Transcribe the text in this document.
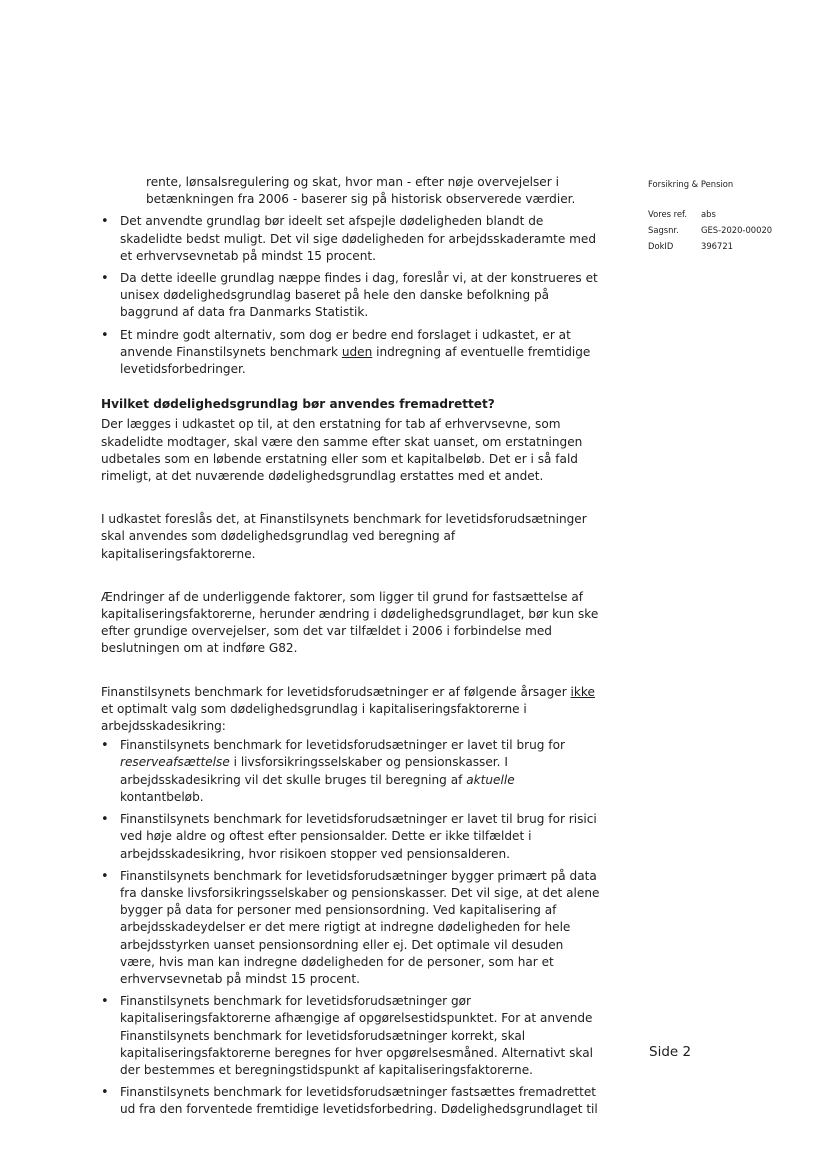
Forsikring & Pension
Vores ref.	abs
Sagsnr.	GES-2020-00020
DokID	396721

rente, lønsalsregulering og skat, hvor man - efter nøje overvejelser i betænkningen fra 2006 - baserer sig på historisk observerede værdier.

• Det anvendte grundlag bør ideelt set afspejle dødeligheden blandt de skadelidte bedst muligt. Det vil sige dødeligheden for arbejdsskaderamte med et erhvervsevnetab på mindst 15 procent.
• Da dette ideelle grundlag næppe findes i dag, foreslår vi, at der konstrueres et unisex dødelighedsgrundlag baseret på hele den danske befolkning på baggrund af data fra Danmarks Statistik.
• Et mindre godt alternativ, som dog er bedre end forslaget i udkastet, er at anvende Finanstilsynets benchmark uden indregning af eventuelle fremtidige levetidsforbedringer.

Hvilket dødelighedsgrundlag bør anvendes fremadrettet?

Der lægges i udkastet op til, at den erstatning for tab af erhvervsevne, som skadelidte modtager, skal være den samme efter skat uanset, om erstatningen udbetales som en løbende erstatning eller som et kapitalbeløb. Det er i så fald rimeligt, at det nuværende dødelighedsgrundlag erstattes med et andet.

I udkastet foreslås det, at Finanstilsynets benchmark for levetidsforudsætninger skal anvendes som dødelighedsgrundlag ved beregning af kapitaliseringsfaktorerne.

Ændringer af de underliggende faktorer, som ligger til grund for fastsættelse af kapitaliseringsfaktorerne, herunder ændring i dødelighedsgrundlaget, bør kun ske efter grundige overvejelser, som det var tilfældet i 2006 i forbindelse med beslutningen om at indføre G82.

Finanstilsynets benchmark for levetidsforudsætninger er af følgende årsager ikke et optimalt valg som dødelighedsgrundlag i kapitaliseringsfaktorerne i arbejdsskadesikring:

• Finanstilsynets benchmark for levetidsforudsætninger er lavet til brug for reserveafsættelse i livsforsikringsselskaber og pensionskasser. I arbejdsskadesikring vil det skulle bruges til beregning af aktuelle kontantbeløb.
• Finanstilsynets benchmark for levetidsforudsætninger er lavet til brug for risici ved høje aldre og oftest efter pensionsalder. Dette er ikke tilfældet i arbejdsskadesikring, hvor risikoen stopper ved pensionsalderen.
• Finanstilsynets benchmark for levetidsforudsætninger bygger primært på data fra danske livsforsikringsselskaber og pensionskasser. Det vil sige, at det alene bygger på data for personer med pensionsordning. Ved kapitalisering af arbejdsskadeydelser er det mere rigtigt at indregne dødeligheden for hele arbejdsstyrken uanset pensionsordning eller ej. Det optimale vil desuden være, hvis man kan indregne dødeligheden for de personer, som har et erhvervsevnetab på mindst 15 procent.
• Finanstilsynets benchmark for levetidsforudsætninger gør kapitaliseringsfaktorerne afhængige af opgørelsestidspunktet. For at anvende Finanstilsynets benchmark for levetidsforudsætninger korrekt, skal kapitaliseringsfaktorerne beregnes for hver opgørelsesmåned. Alternativt skal der bestemmes et beregningstidspunkt af kapitaliseringsfaktorerne.
• Finanstilsynets benchmark for levetidsforudsætninger fastsættes fremadrettet ud fra den forventede fremtidige levetidsforbedring. Dødelighedsgrundlaget til
Side 2
